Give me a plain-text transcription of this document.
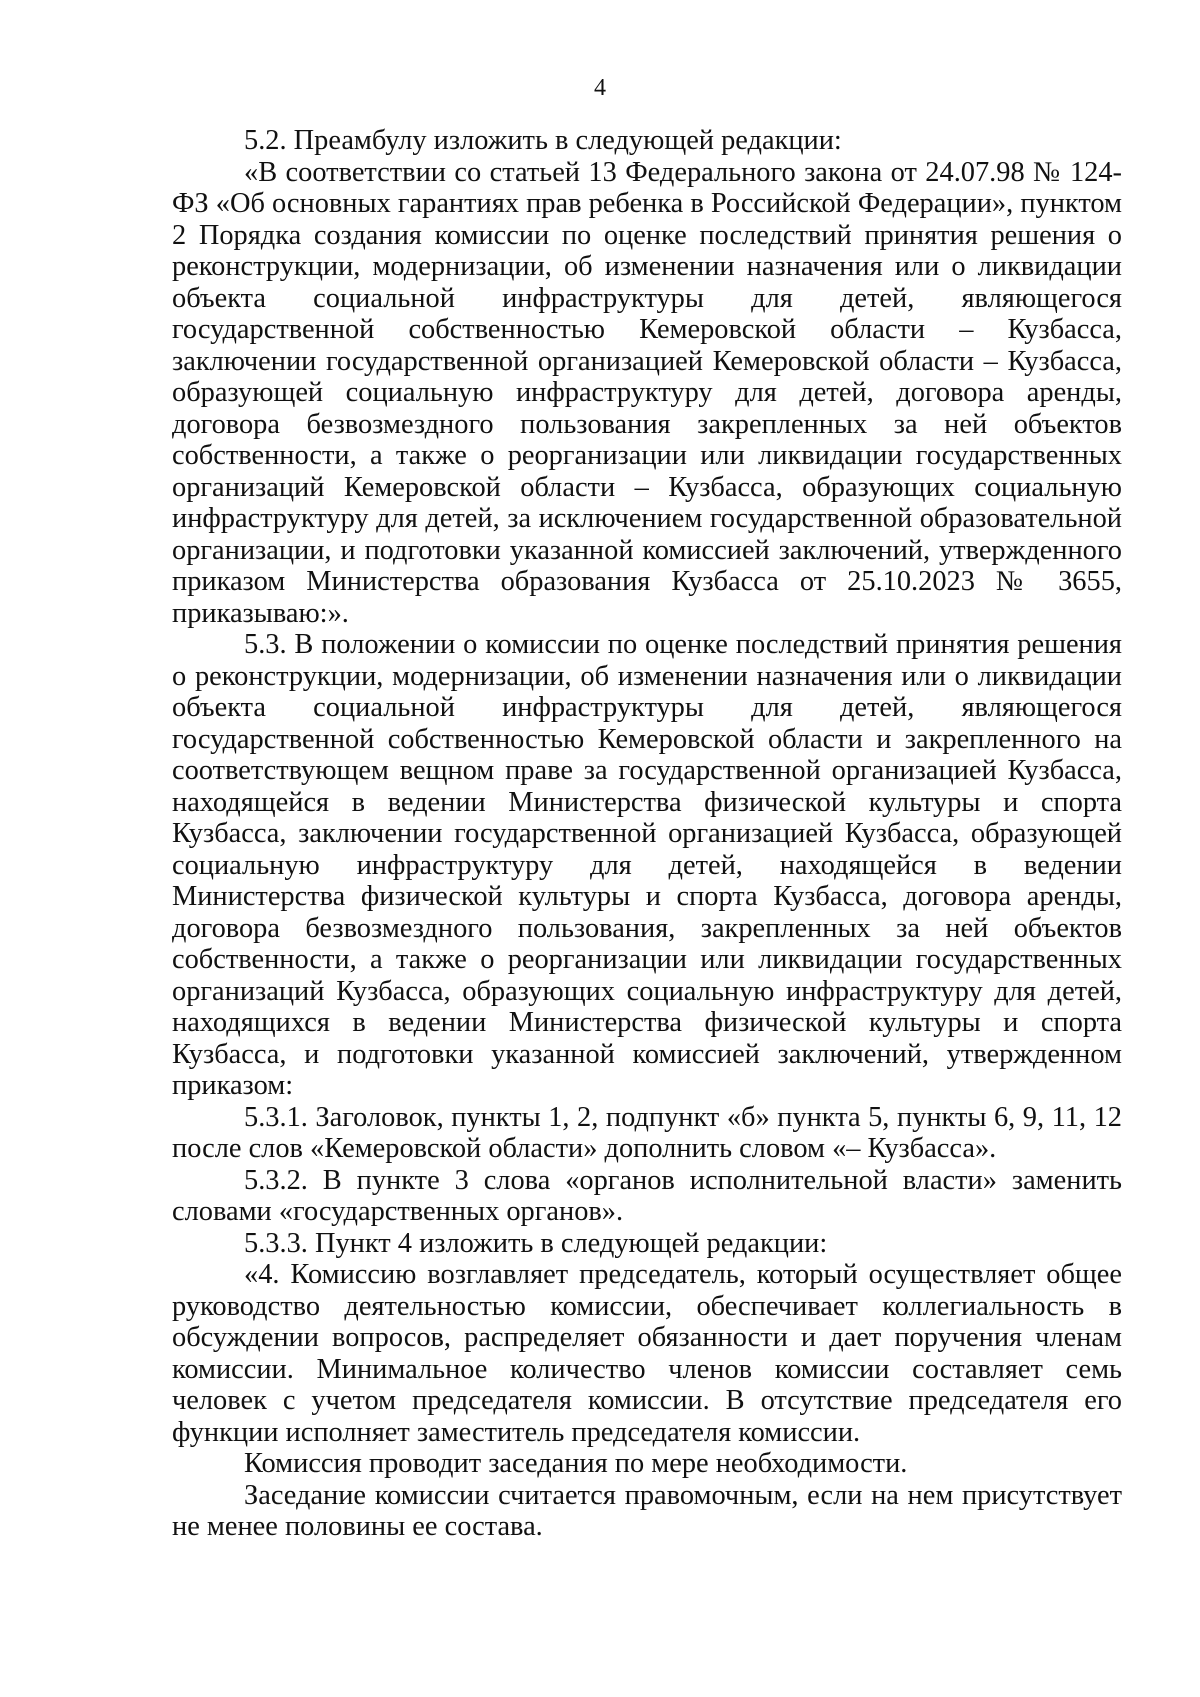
4

5.2. Преамбулу изложить в следующей редакции:

«В соответствии со статьей 13 Федерального закона от 24.07.98 № 124-ФЗ «Об основных гарантиях прав ребенка в Российской Федерации», пунктом 2 Порядка создания комиссии по оценке последствий принятия решения о реконструкции, модернизации, об изменении назначения или о ликвидации объекта социальной инфраструктуры для детей, являющегося государственной собственностью Кемеровской области – Кузбасса, заключении государственной организацией Кемеровской области – Кузбасса, образующей социальную инфраструктуру для детей, договора аренды, договора безвозмездного пользования закрепленных за ней объектов собственности, а также о реорганизации или ликвидации государственных организаций Кемеровской области – Кузбасса, образующих социальную инфраструктуру для детей, за исключением государственной образовательной организации, и подготовки указанной комиссией заключений, утвержденного приказом Министерства образования Кузбасса от 25.10.2023 № 3655, приказываю:».

5.3. В положении о комиссии по оценке последствий принятия решения о реконструкции, модернизации, об изменении назначения или о ликвидации объекта социальной инфраструктуры для детей, являющегося государственной собственностью Кемеровской области и закрепленного на соответствующем вещном праве за государственной организацией Кузбасса, находящейся в ведении Министерства физической культуры и спорта Кузбасса, заключении государственной организацией Кузбасса, образующей социальную инфраструктуру для детей, находящейся в ведении Министерства физической культуры и спорта Кузбасса, договора аренды, договора безвозмездного пользования, закрепленных за ней объектов собственности, а также о реорганизации или ликвидации государственных организаций Кузбасса, образующих социальную инфраструктуру для детей, находящихся в ведении Министерства физической культуры и спорта Кузбасса, и подготовки указанной комиссией заключений, утвержденном приказом:

5.3.1. Заголовок, пункты 1, 2, подпункт «б» пункта 5, пункты 6, 9, 11, 12 после слов «Кемеровской области» дополнить словом «– Кузбасса».

5.3.2. В пункте 3 слова «органов исполнительной власти» заменить словами «государственных органов».

5.3.3. Пункт 4 изложить в следующей редакции:

«4. Комиссию возглавляет председатель, который осуществляет общее руководство деятельностью комиссии, обеспечивает коллегиальность в обсуждении вопросов, распределяет обязанности и дает поручения членам комиссии. Минимальное количество членов комиссии составляет семь человек с учетом председателя комиссии. В отсутствие председателя его функции исполняет заместитель председателя комиссии.

Комиссия проводит заседания по мере необходимости.

Заседание комиссии считается правомочным, если на нем присутствует не менее половины ее состава.
